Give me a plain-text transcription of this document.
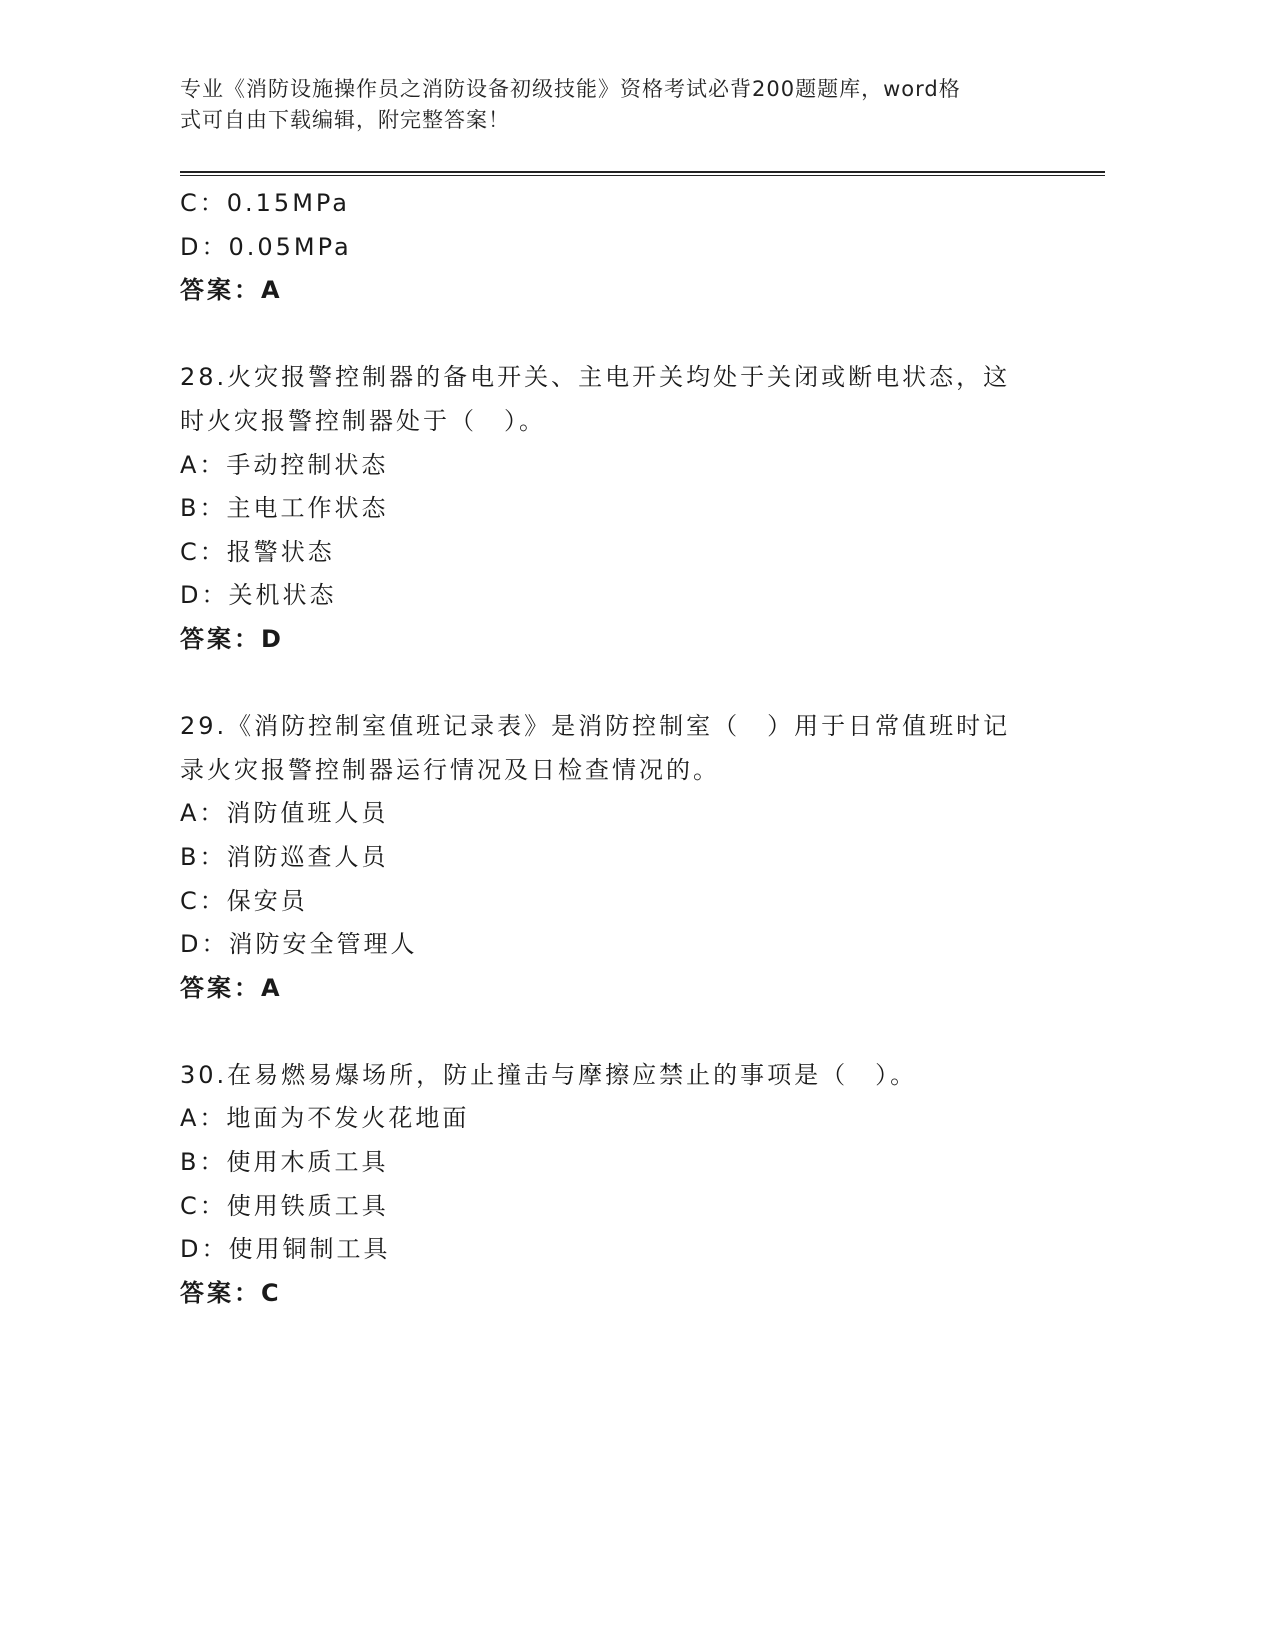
专业《消防设施操作员之消防设备初级技能》资格考试必背200题题库，word格
式可自由下载编辑，附完整答案！
C：0.15MPa
D：0.05MPa
答案：A
28.火灾报警控制器的备电开关、主电开关均处于关闭或断电状态，这
时火灾报警控制器处于（　）。
A：手动控制状态
B：主电工作状态
C：报警状态
D：关机状态
答案：D
29.《消防控制室值班记录表》是消防控制室（　）用于日常值班时记
录火灾报警控制器运行情况及日检查情况的。
A：消防值班人员
B：消防巡查人员
C：保安员
D：消防安全管理人
答案：A
30.在易燃易爆场所，防止撞击与摩擦应禁止的事项是（　）。
A：地面为不发火花地面
B：使用木质工具
C：使用铁质工具
D：使用铜制工具
答案：C
